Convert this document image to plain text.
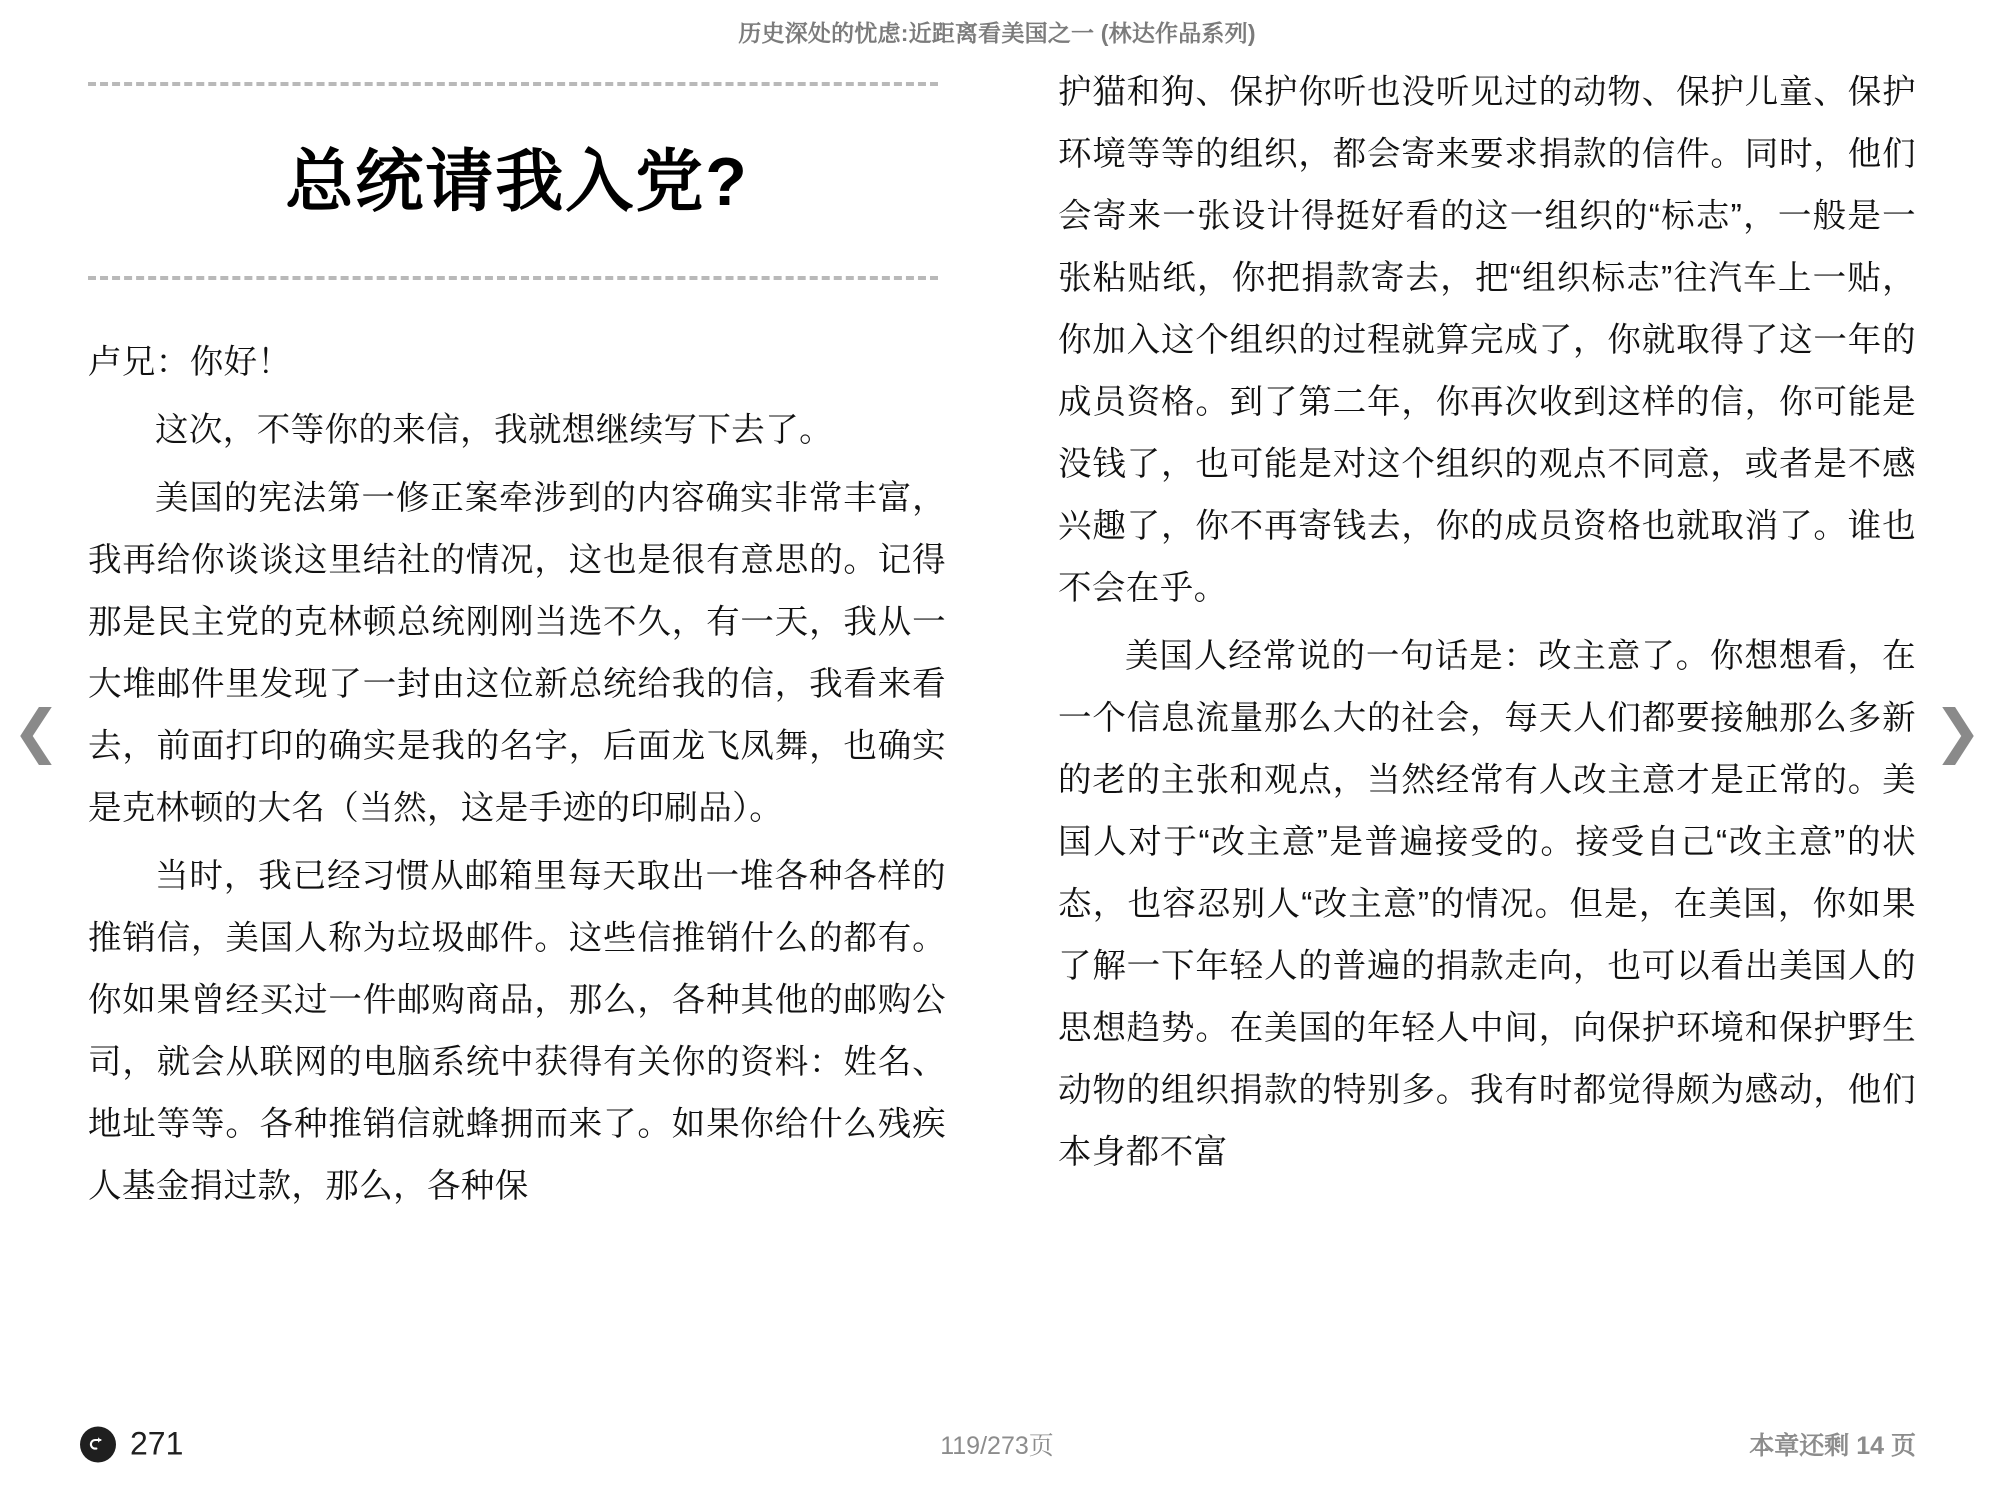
历史深处的忧虑:近距离看美国之一 (林达作品系列)
总统请我入党?

卢兄：你好！

这次，不等你的来信，我就想继续写下去了。

美国的宪法第一修正案牵涉到的内容确实非常丰富，我再给你谈谈这里结社的情况，这也是很有意思的。记得那是民主党的克林顿总统刚刚当选不久，有一天，我从一大堆邮件里发现了一封由这位新总统给我的信，我看来看去，前面打印的确实是我的名字，后面龙飞凤舞，也确实是克林顿的大名（当然，这是手迹的印刷品）。

当时，我已经习惯从邮箱里每天取出一堆各种各样的推销信，美国人称为垃圾邮件。这些信推销什么的都有。你如果曾经买过一件邮购商品，那么，各种其他的邮购公司，就会从联网的电脑系统中获得有关你的资料：姓名、地址等等。各种推销信就蜂拥而来了。如果你给什么残疾人基金捐过款，那么，各种保

护猫和狗、保护你听也没听见过的动物、保护儿童、保护环境等等的组织，都会寄来要求捐款的信件。同时，他们会寄来一张设计得挺好看的这一组织的“标志”，一般是一张粘贴纸，你把捐款寄去，把“组织标志”往汽车上一贴，你加入这个组织的过程就算完成了，你就取得了这一年的成员资格。到了第二年，你再次收到这样的信，你可能是没钱了，也可能是对这个组织的观点不同意，或者是不感兴趣了，你不再寄钱去，你的成员资格也就取消了。谁也不会在乎。

美国人经常说的一句话是：改主意了。你想想看，在一个信息流量那么大的社会，每天人们都要接触那么多新的老的主张和观点，当然经常有人改主意才是正常的。美国人对于“改主意”是普遍接受的。接受自己“改主意”的状态，也容忍别人“改主意”的情况。但是，在美国，你如果了解一下年轻人的普遍的捐款走向，也可以看出美国人的思想趋势。在美国的年轻人中间，向保护环境和保护野生动物的组织捐款的特别多。我有时都觉得颇为感动，他们本身都不富

❮	❯
271	119/273页	本章还剩 14 页
